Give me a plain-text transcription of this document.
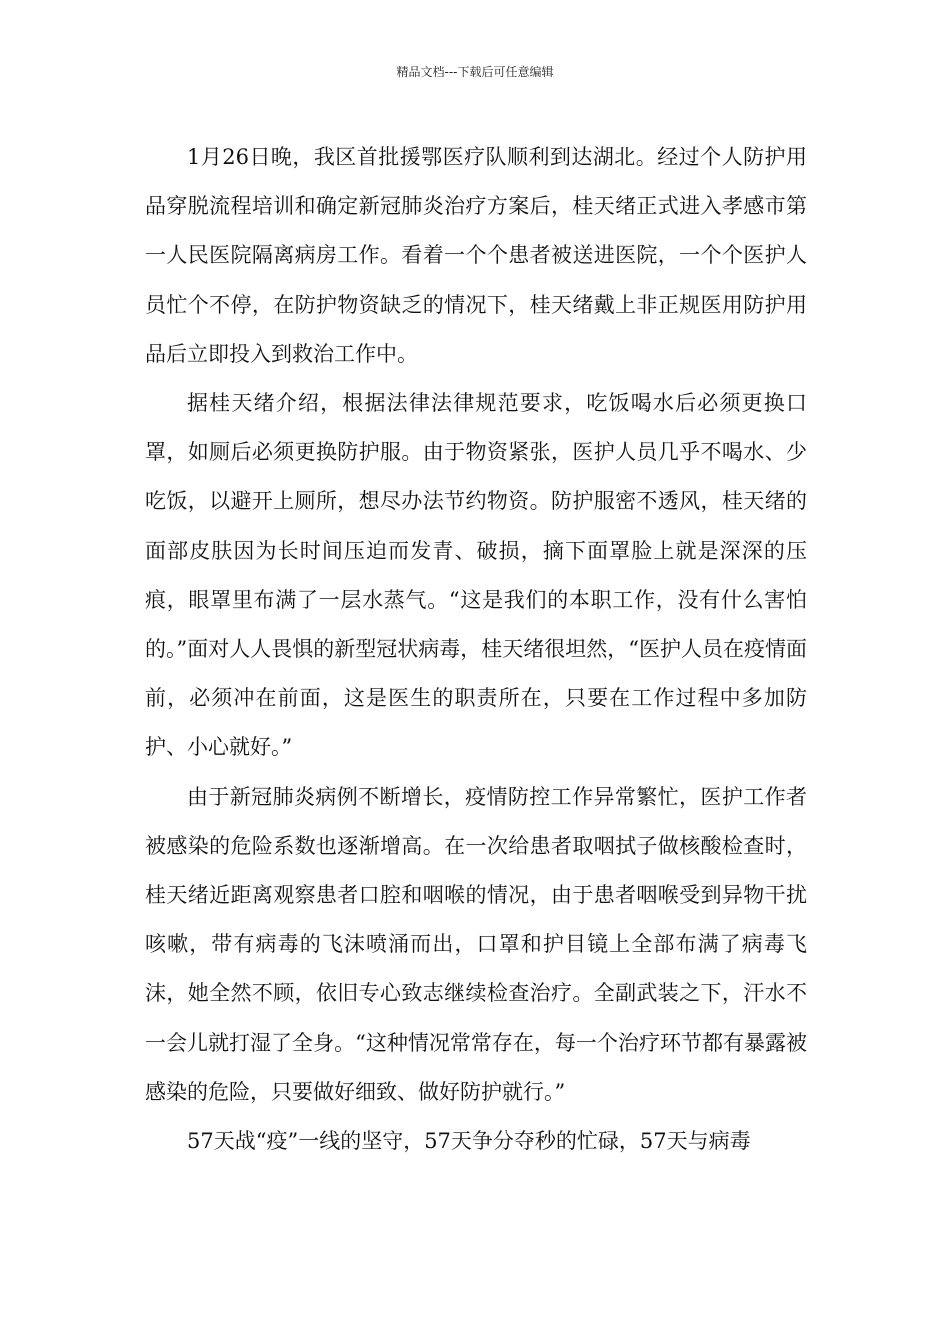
精品文档---下载后可任意编辑

1月26日晚，我区首批援鄂医疗队顺利到达湖北。经过个人防护用品穿脱流程培训和确定新冠肺炎治疗方案后，桂天绪正式进入孝感市第一人民医院隔离病房工作。看着一个个患者被送进医院，一个个医护人员忙个不停，在防护物资缺乏的情况下，桂天绪戴上非正规医用防护用品后立即投入到救治工作中。

据桂天绪介绍，根据法律法律规范要求，吃饭喝水后必须更换口罩，如厕后必须更换防护服。由于物资紧张，医护人员几乎不喝水、少吃饭，以避开上厕所，想尽办法节约物资。防护服密不透风，桂天绪的面部皮肤因为长时间压迫而发青、破损，摘下面罩脸上就是深深的压痕，眼罩里布满了一层水蒸气。“这是我们的本职工作，没有什么害怕的。”面对人人畏惧的新型冠状病毒，桂天绪很坦然，“医护人员在疫情面前，必须冲在前面，这是医生的职责所在，只要在工作过程中多加防护、小心就好。”

由于新冠肺炎病例不断增长，疫情防控工作异常繁忙，医护工作者被感染的危险系数也逐渐增高。在一次给患者取咽拭子做核酸检查时，桂天绪近距离观察患者口腔和咽喉的情况，由于患者咽喉受到异物干扰咳嗽，带有病毒的飞沫喷涌而出，口罩和护目镜上全部布满了病毒飞沫，她全然不顾，依旧专心致志继续检查治疗。全副武装之下，汗水不一会儿就打湿了全身。“这种情况常常存在，每一个治疗环节都有暴露被感染的危险，只要做好细致、做好防护就行。”

57天战“疫”一线的坚守，57天争分夺秒的忙碌，57天与病毒
